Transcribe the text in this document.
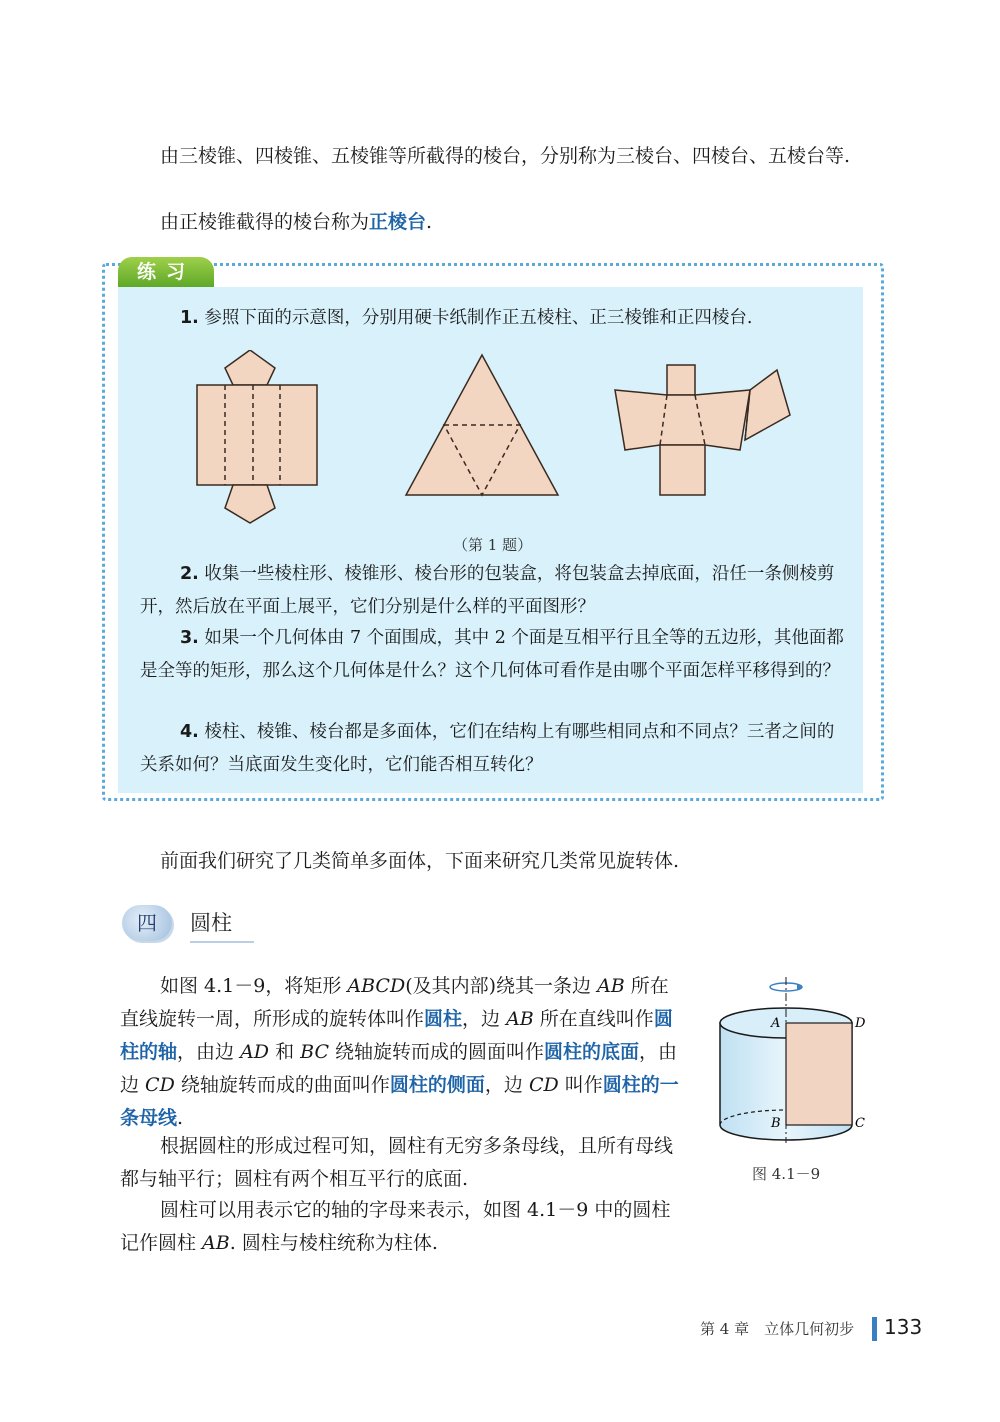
由三棱锥、四棱锥、五棱锥等所截得的棱台，分别称为三棱台、四棱台、五棱台等.

由正棱锥截得的棱台称为正棱台.

练习

1. 参照下面的示意图，分别用硬卡纸制作正五棱柱、正三棱锥和正四棱台.

（第 1 题）

2. 收集一些棱柱形、棱锥形、棱台形的包装盒，将包装盒去掉底面，沿任一条侧棱剪开，然后放在平面上展平，它们分别是什么样的平面图形？

3. 如果一个几何体由 7 个面围成，其中 2 个面是互相平行且全等的五边形，其他面都是全等的矩形，那么这个几何体是什么？这个几何体可看作是由哪个平面怎样平移得到的？

4. 棱柱、棱锥、棱台都是多面体，它们在结构上有哪些相同点和不同点？三者之间的关系如何？当底面发生变化时，它们能否相互转化？

前面我们研究了几类简单多面体，下面来研究几类常见旋转体.

四	圆柱

如图 4.1－9，将矩形 ABCD(及其内部)绕其一条边 AB 所在直线旋转一周，所形成的旋转体叫作圆柱，边 AB 所在直线叫作圆柱的轴，由边 AD 和 BC 绕轴旋转而成的圆面叫作圆柱的底面，由边 CD 绕轴旋转而成的曲面叫作圆柱的侧面，边 CD 叫作圆柱的一条母线.

根据圆柱的形成过程可知，圆柱有无穷多条母线，且所有母线都与轴平行；圆柱有两个相互平行的底面.

圆柱可以用表示它的轴的字母来表示，如图 4.1－9 中的圆柱记作圆柱 AB. 圆柱与棱柱统称为柱体.

A	D
B	C
图 4.1－9
第 4 章　立体几何初步 133
